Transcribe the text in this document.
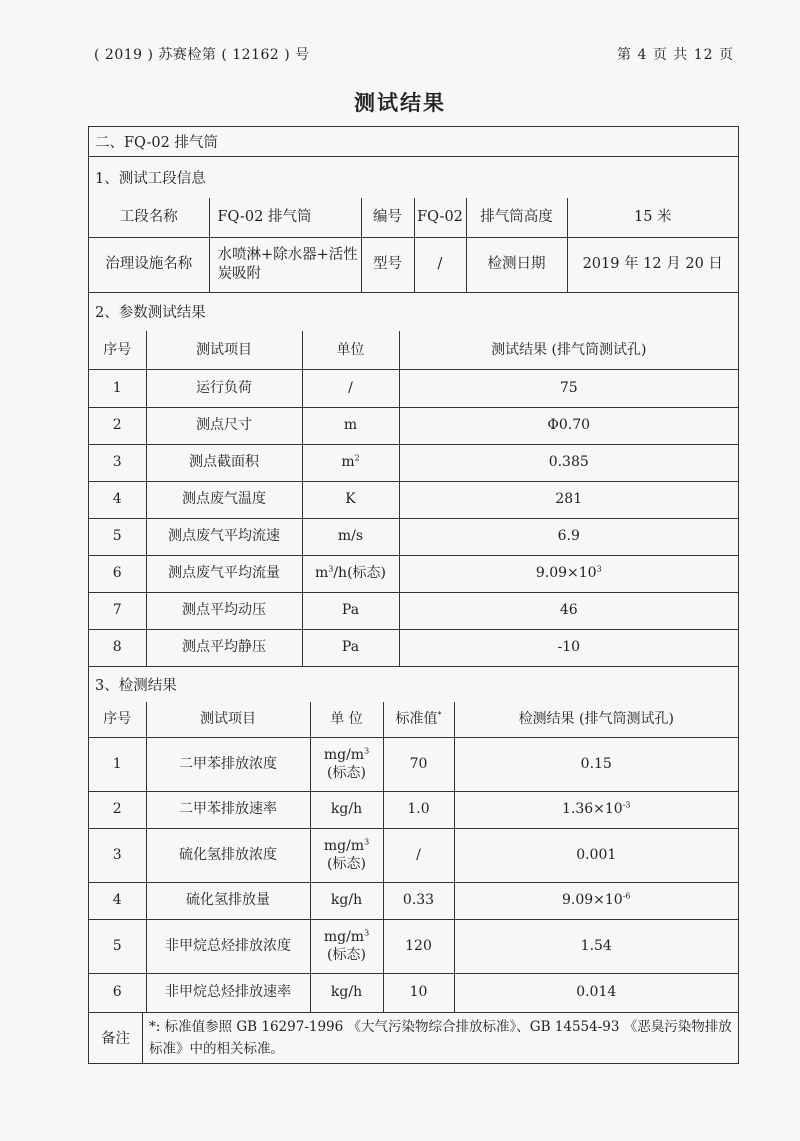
( 2019 ) 苏赛检第 ( 12162 ) 号	第 4 页 共 12 页
测试结果
二、FQ-02 排气筒
1、测试工段信息
工段名称	FQ-02 排气筒	编号	FQ-02	排气筒高度	15 米
治理设施名称	水喷淋+除水器+活性炭吸附	型号	/	检测日期	2019 年 12 月 20 日
2、参数测试结果
序号	测试项目	单位	测试结果 (排气筒测试孔)
1	运行负荷	/	75
2	测点尺寸	m	Φ0.70
3	测点截面积	$m^2$	0.385
4	测点废气温度	K	281
5	测点废气平均流速	m/s	6.9
6	测点废气平均流量	$m^3/h$(标态)	$9.09\times 10^3$
7	测点平均动压	Pa	46
8	测点平均静压	Pa	-10
3、检测结果
序号	测试项目	单 位	标准值*	检测结果 (排气筒测试孔)
1	二甲苯排放浓度	$mg/m^3$
(标态)	70	0.15
2	二甲苯排放速率	kg/h	1.0	$1.36\times 10^{-3}$
3	硫化氢排放浓度	$mg/m^3$
(标态)	/	0.001
4	硫化氢排放量	kg/h	0.33	$9.09\times 10^{-6}$
5	非甲烷总烃排放浓度	$mg/m^3$
(标态)	120	1.54
6	非甲烷总烃排放速率	kg/h	10	0.014
备注
*: 标准值参照 GB 16297-1996 《大气污染物综合排放标准》、GB 14554-93 《恶臭污染物排放标准》中的相关标准。
